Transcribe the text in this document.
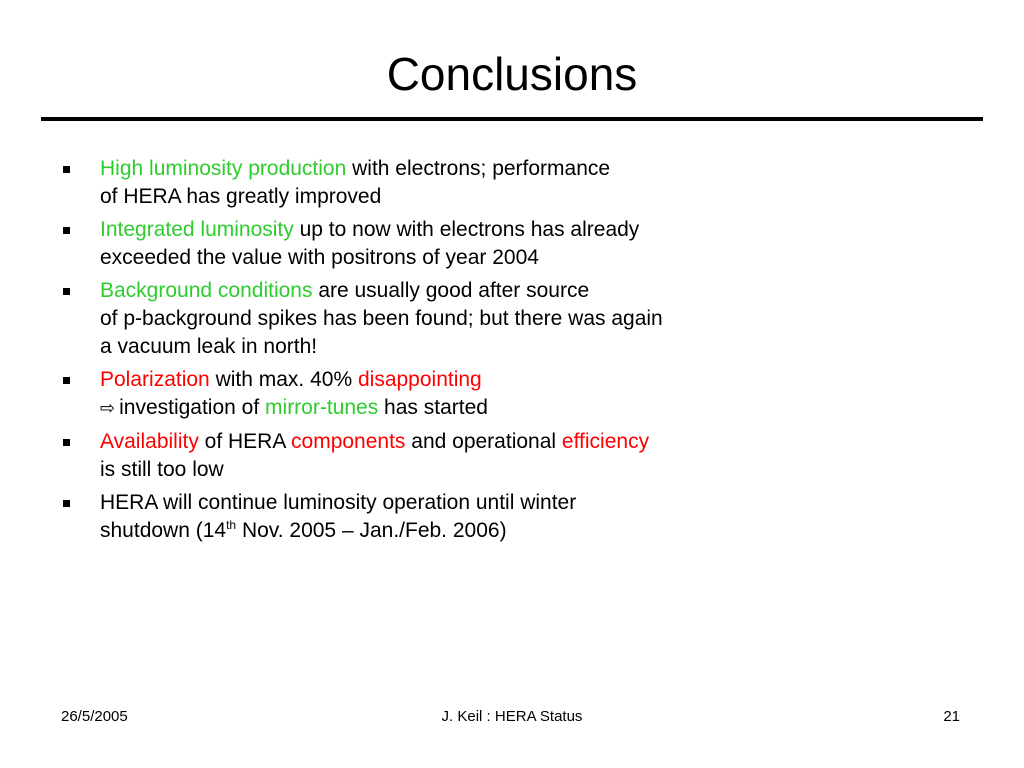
Conclusions
High luminosity production with electrons; performance
of HERA has greatly improved
Integrated luminosity up to now with electrons has already
exceeded the value with positrons of year 2004
Background conditions are usually good after source
of p-background spikes has been found; but there was again
a vacuum leak in north!
Polarization with max. 40% disappointing
⇨ investigation of mirror-tunes has started
Availability of HERA components and operational efficiency
is still too low
HERA will continue luminosity operation until winter
shutdown (14th Nov. 2005 – Jan./Feb. 2006)
26/5/2005	J. Keil : HERA Status	21
